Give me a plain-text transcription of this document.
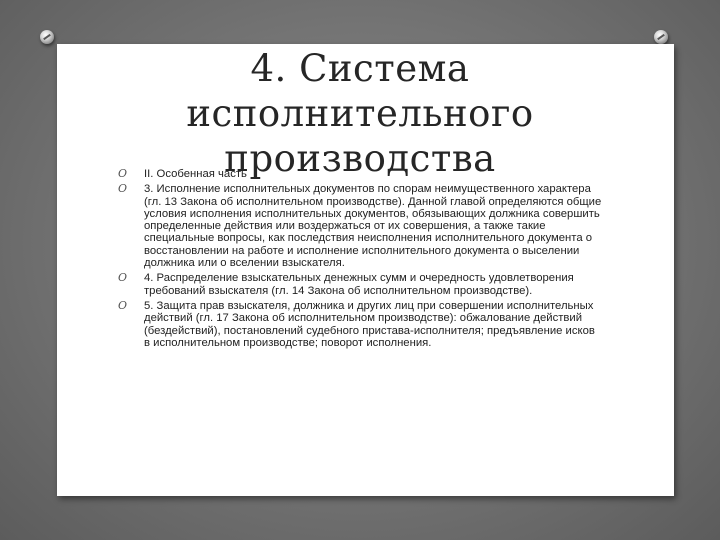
4. Система
исполнительного
производства
O II. Особенная часть
O 3. Исполнение исполнительных документов по спорам неимущественного характера (гл. 13 Закона об исполнительном производстве). Данной главой определяются общие условия исполнения исполнительных документов, обязывающих должника совершить определенные действия или воздержаться от их совершения, а также такие специальные вопросы, как последствия неисполнения исполнительного документа о восстановлении на работе и исполнение исполнительного документа о выселении должника или о вселении взыскателя.
O 4. Распределение взыскательных денежных сумм и очередность удовлетворения требований взыскателя (гл. 14 Закона об исполнительном производстве).
O 5. Защита прав взыскателя, должника и других лиц при совершении исполнительных действий (гл. 17 Закона об исполнительном производстве): обжалование действий (бездействий), постановлений судебного пристава-исполнителя; предъявление исков в исполнительном производстве; поворот исполнения.
